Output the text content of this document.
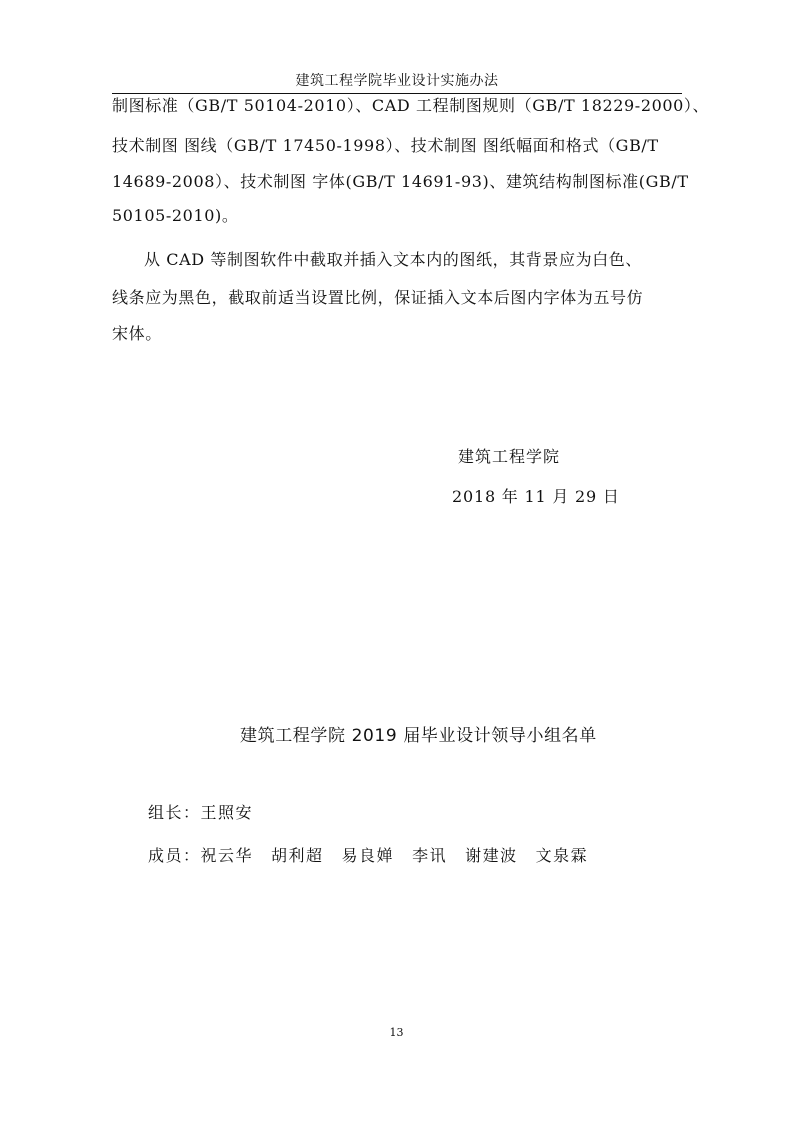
建筑工程学院毕业设计实施办法
制图标准（GB/T 50104-2010）、CAD 工程制图规则（GB/T 18229-2000）、
技术制图 图线（GB/T 17450-1998）、技术制图 图纸幅面和格式（GB/T
14689-2008）、技术制图 字体(GB/T 14691-93)、建筑结构制图标准(GB/T
50105-2010)。
从 CAD 等制图软件中截取并插入文本内的图纸，其背景应为白色、
线条应为黑色，截取前适当设置比例，保证插入文本后图内字体为五号仿
宋体。
建筑工程学院
2018 年 11 月 29 日
建筑工程学院 2019 届毕业设计领导小组名单
组长：王照安
成员：祝云华 胡利超 易良婵 李讯 谢建波 文泉霖
13
